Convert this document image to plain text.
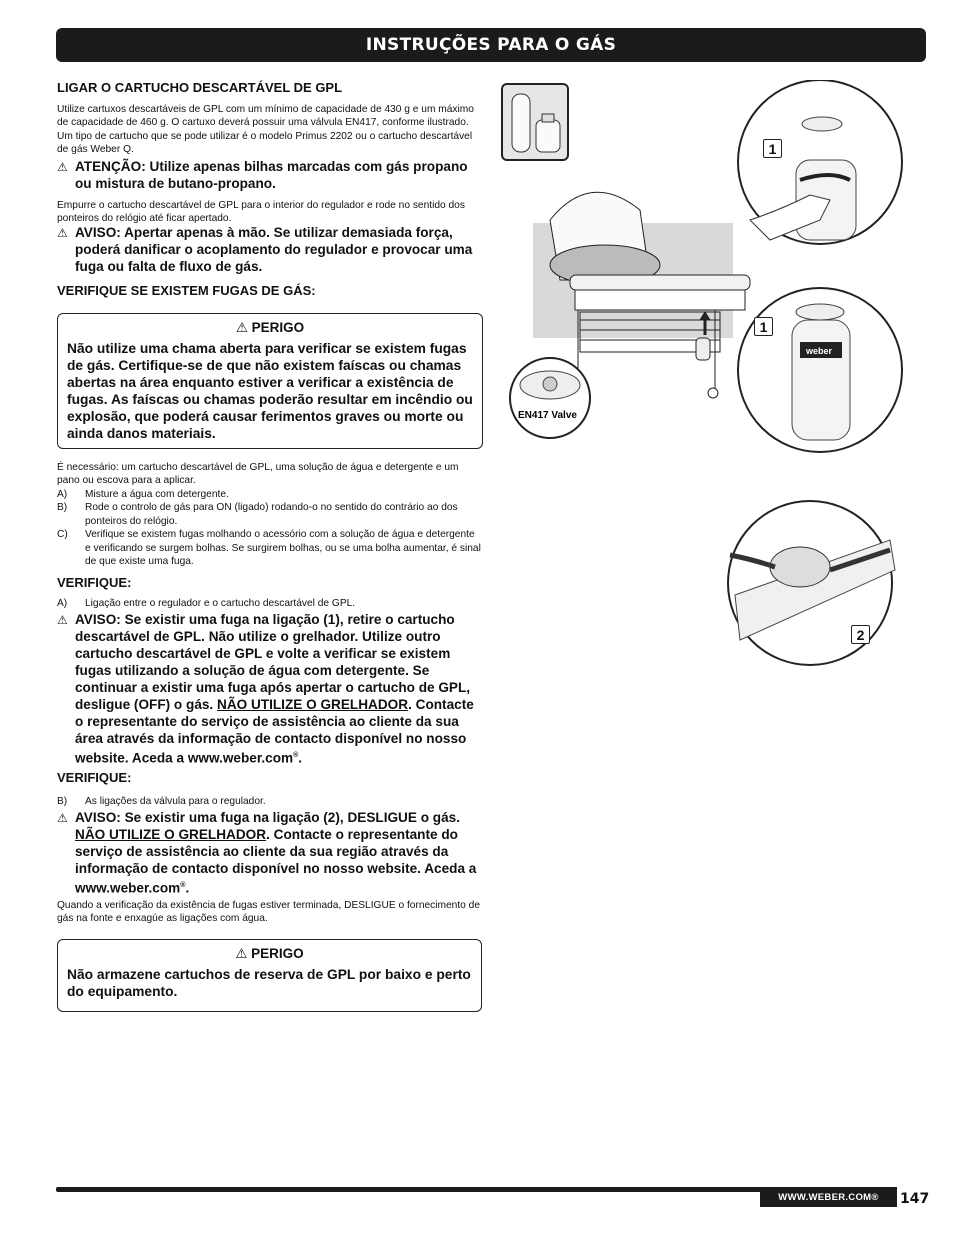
INSTRUÇÕES PARA O GÁS

LIGAR O CARTUCHO DESCARTÁVEL DE GPL

Utilize cartuxos descartáveis de GPL com um mínimo de capacidade de 430 g e um máximo de capacidade de 460 g. O cartuxo deverá possuir uma válvula EN417, conforme ilustrado. Um tipo de cartucho que se pode utilizar é o modelo Primus 2202 ou o cartucho descartável de gás Weber Q.

⚠ ATENÇÃO: Utilize apenas bilhas marcadas com gás propano ou mistura de butano-propano.

Empurre o cartucho descartável de GPL para o interior do regulador e rode no sentido dos ponteiros do relógio até ficar apertado.

⚠ AVISO: Apertar apenas à mão. Se utilizar demasiada força, poderá danificar o acoplamento do regulador e provocar uma fuga ou falta de fluxo de gás.

VERIFIQUE SE EXISTEM FUGAS DE GÁS:

⚠ PERIGO

Não utilize uma chama aberta para verificar se existem fugas de gás. Certifique-se de que não existem faíscas ou chamas abertas na área enquanto estiver a verificar a existência de fugas. As faíscas ou chamas poderão resultar em incêndio ou explosão, que poderá causar ferimentos graves ou morte ou ainda danos materiais.

É necessário: um cartucho descartável de GPL, uma solução de água e detergente e um pano ou escova para a aplicar.

A)	Misture a água com detergente.
B)	Rode o controlo de gás para ON (ligado) rodando-o no sentido do contrário ao dos ponteiros do relógio.
C)	Verifique se existem fugas molhando o acessório com a solução de água e detergente e verificando se surgem bolhas. Se surgirem bolhas, ou se uma bolha aumentar, é sinal de que existe uma fuga.

VERIFIQUE:

A)	Ligação entre o regulador e o cartucho descartável de GPL.

⚠ AVISO: Se existir uma fuga na ligação (1), retire o cartucho descartável de GPL. Não utilize o grelhador. Utilize outro cartucho descartável de GPL e volte a verificar se existem fugas utilizando a solução de água com detergente. Se continuar a existir uma fuga após apertar o cartucho de GPL, desligue (OFF) o gás. NÃO UTILIZE O GRELHADOR. Contacte o representante do serviço de assistência ao cliente da sua área através da informação de contacto disponível no nosso website. Aceda a www.weber.com®.

VERIFIQUE:

B)	As ligações da válvula para o regulador.

⚠ AVISO: Se existir uma fuga na ligação (2), DESLIGUE o gás. NÃO UTILIZE O GRELHADOR. Contacte o representante do serviço de assistência ao cliente da sua região através da informação de contacto disponível no nosso website. Aceda a www.weber.com®.

Quando a verificação da existência de fugas estiver terminada, DESLIGUE o fornecimento de gás na fonte e enxagúe as ligações com água.

⚠ PERIGO

Não armazene cartuchos de reserva de GPL por baixo e perto do equipamento.

EN417 Valve
weber
1
1
2
WWW.WEBER.COM®	147
